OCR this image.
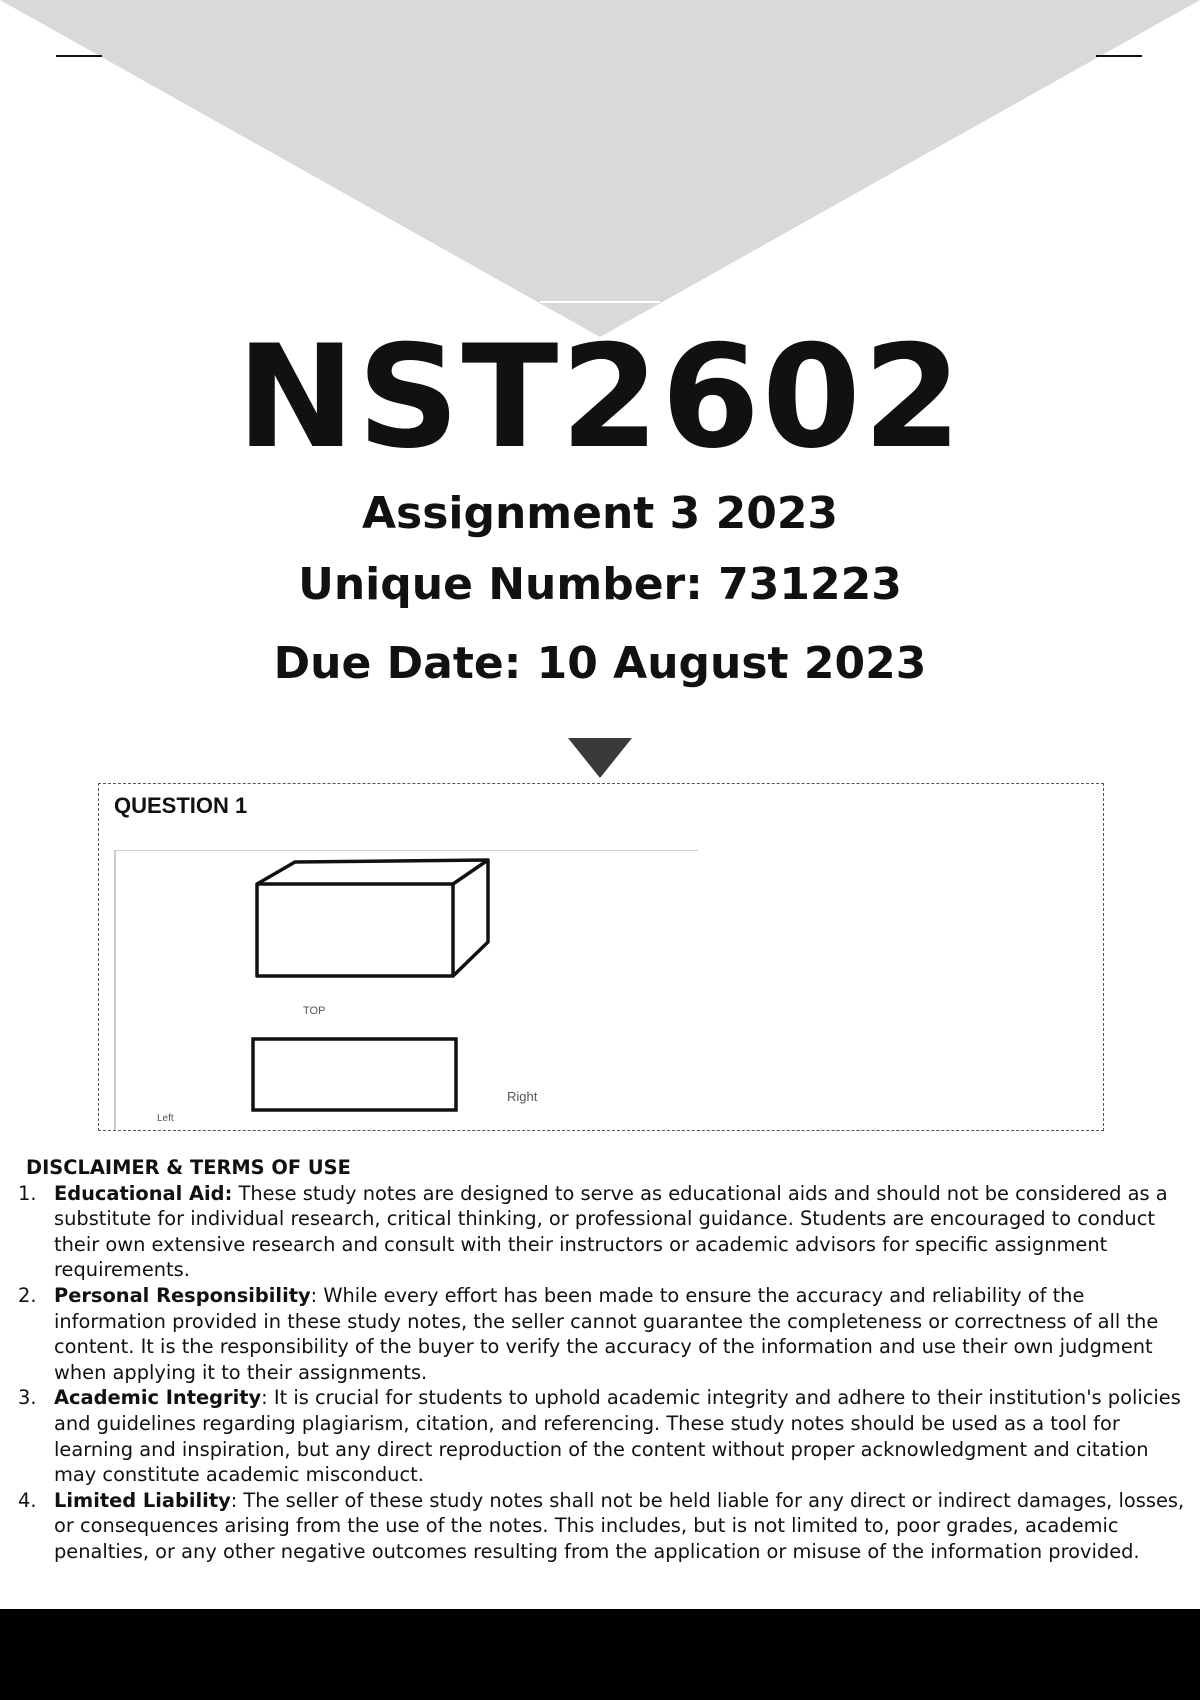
NST2602
Assignment 3 2023
Unique Number: 731223
Due Date: 10 August 2023
QUESTION 1
TOP
Right
Left
DISCLAIMER & TERMS OF USE
1. Educational Aid: These study notes are designed to serve as educational aids and should not be considered as a substitute for individual research, critical thinking, or professional guidance. Students are encouraged to conduct their own extensive research and consult with their instructors or academic advisors for specific assignment requirements.
2. Personal Responsibility: While every effort has been made to ensure the accuracy and reliability of the information provided in these study notes, the seller cannot guarantee the completeness or correctness of all the content. It is the responsibility of the buyer to verify the accuracy of the information and use their own judgment when applying it to their assignments.
3. Academic Integrity: It is crucial for students to uphold academic integrity and adhere to their institution's policies and guidelines regarding plagiarism, citation, and referencing. These study notes should be used as a tool for learning and inspiration, but any direct reproduction of the content without proper acknowledgment and citation may constitute academic misconduct.
4. Limited Liability: The seller of these study notes shall not be held liable for any direct or indirect damages, losses, or consequences arising from the use of the notes. This includes, but is not limited to, poor grades, academic penalties, or any other negative outcomes resulting from the application or misuse of the information provided.
